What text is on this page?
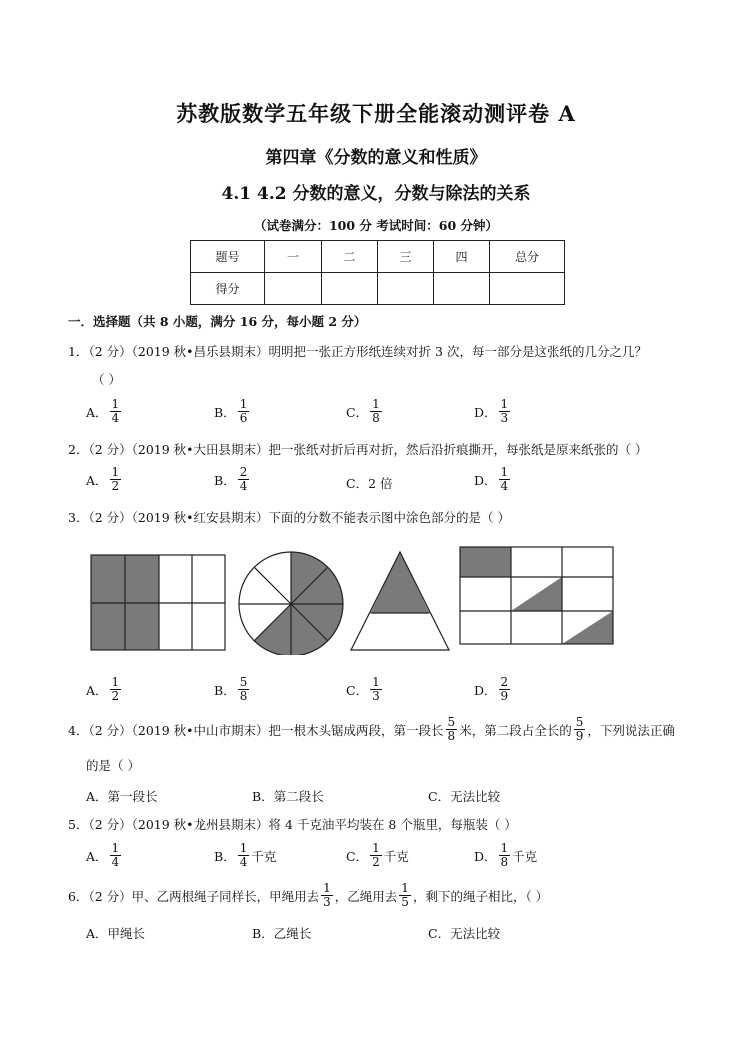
苏教版数学五年级下册全能滚动测评卷 A
第四章《分数的意义和性质》
4.1 4.2 分数的意义，分数与除法的关系
（试卷满分：100 分 考试时间：60 分钟）
题号	一	二	三	四	总分
得分					
一．选择题（共 8 小题，满分 16 分，每小题 2 分）
1．（2 分）（2019 秋•昌乐县期末）明明把一张正方形纸连续对折 3 次，每一部分是这张纸的几分之几？
（ ）
A． $\frac{1}{4}$	B． $\frac{1}{6}$	C． $\frac{1}{8}$	D． $\frac{1}{3}$
2．（2 分）（2019 秋•大田县期末）把一张纸对折后再对折，然后沿折痕撕开，每张纸是原来纸张的（ ）
A． $\frac{1}{2}$	B． $\frac{2}{4}$	C． 2 倍	D． $\frac{1}{4}$
3．（2 分）（2019 秋•红安县期末）下面的分数不能表示图中涂色部分的是（ ）
A． $\frac{1}{2}$	B． $\frac{5}{8}$	C． $\frac{1}{3}$	D． $\frac{2}{9}$
4．（2 分）（2019 秋•中山市期末）把一根木头锯成两段，第一段长 $\frac{5}{8}$ 米，第二段占全长的 $\frac{5}{9}$ ，下列说法正确
的是（ ）
A． 第一段长	B． 第二段长	C． 无法比较
5．（2 分）（2019 秋•龙州县期末）将 4 千克油平均装在 8 个瓶里，每瓶装（ ）
A． $\frac{1}{4}$	B． $\frac{1}{4}$ 千克	C． $\frac{1}{2}$ 千克	D． $\frac{1}{8}$ 千克
6．（2 分）甲、乙两根绳子同样长，甲绳用去 $\frac{1}{3}$ ，乙绳用去 $\frac{1}{5}$ ，剩下的绳子相比，（ ）
A． 甲绳长	B． 乙绳长	C． 无法比较
